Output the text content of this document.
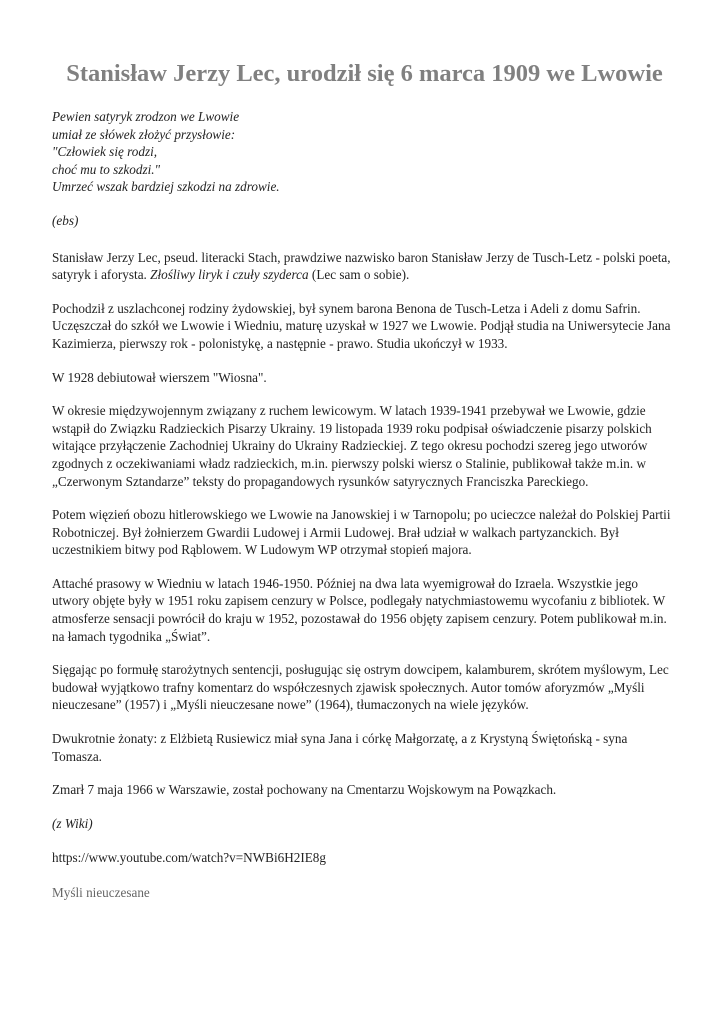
Stanisław Jerzy Lec, urodził się 6 marca 1909 we Lwowie
Pewien satyryk zrodzon we Lwowie
umiał ze słówek złożyć przysłowie:
"Człowiek się rodzi,
choć mu to szkodzi."
Umrzeć wszak bardziej szkodzi na zdrowie.

(ebs)

Stanisław Jerzy Lec, pseud. literacki Stach, prawdziwe nazwisko baron Stanisław Jerzy de Tusch-Letz - polski poeta, satyryk i aforysta. Złośliwy liryk i czuły szyderca (Lec sam o sobie).

Pochodził z uszlachconej rodziny żydowskiej, był synem barona Benona de Tusch-Letza i Adeli z domu Safrin. Uczęszczał do szkół we Lwowie i Wiedniu, maturę uzyskał w 1927 we Lwowie. Podjął studia na Uniwersytecie Jana Kazimierza, pierwszy rok - polonistykę, a następnie - prawo. Studia ukończył w 1933.

W 1928 debiutował wierszem "Wiosna".

W okresie międzywojennym związany z ruchem lewicowym. W latach 1939-1941 przebywał we Lwowie, gdzie wstąpił do Związku Radzieckich Pisarzy Ukrainy. 19 listopada 1939 roku podpisał oświadczenie pisarzy polskich witające przyłączenie Zachodniej Ukrainy do Ukrainy Radzieckiej. Z tego okresu pochodzi szereg jego utworów zgodnych z oczekiwaniami władz radzieckich, m.in. pierwszy polski wiersz o Stalinie, publikował także m.in. w „Czerwonym Sztandarze” teksty do propagandowych rysunków satyrycznych Franciszka Pareckiego.

Potem więzień obozu hitlerowskiego we Lwowie na Janowskiej i w Tarnopolu; po ucieczce należał do Polskiej Partii Robotniczej. Był żołnierzem Gwardii Ludowej i Armii Ludowej. Brał udział w walkach partyzanckich. Był uczestnikiem bitwy pod Rąblowem. W Ludowym WP otrzymał stopień majora.

Attaché prasowy w Wiedniu w latach 1946-1950. Później na dwa lata wyemigrował do Izraela. Wszystkie jego utwory objęte były w 1951 roku zapisem cenzury w Polsce, podlegały natychmiastowemu wycofaniu z bibliotek. W atmosferze sensacji powrócił do kraju w 1952, pozostawał do 1956 objęty zapisem cenzury. Potem publikował m.in. na łamach tygodnika „Świat”.

Sięgając po formułę starożytnych sentencji, posługując się ostrym dowcipem, kalamburem, skrótem myślowym, Lec budował wyjątkowo trafny komentarz do współczesnych zjawisk społecznych. Autor tomów aforyzmów „Myśli nieuczesane” (1957) i „Myśli nieuczesane nowe” (1964), tłumaczonych na wiele języków.

Dwukrotnie żonaty: z Elżbietą Rusiewicz miał syna Jana i córkę Małgorzatę, a z Krystyną Świętońską - syna Tomasza.

Zmarł 7 maja 1966 w Warszawie, został pochowany na Cmentarzu Wojskowym na Powązkach.

(z Wiki)

https://www.youtube.com/watch?v=NWBi6H2IE8g

Myśli nieuczesane
